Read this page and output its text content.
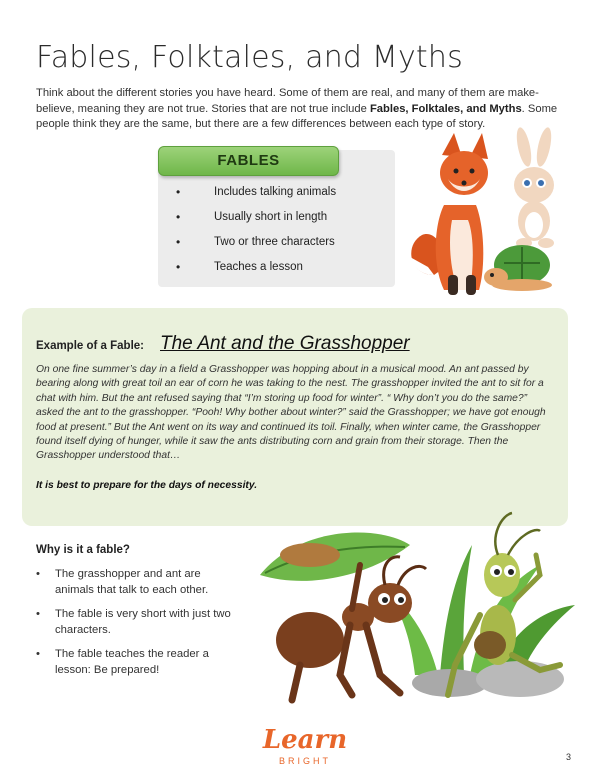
Fables, Folktales, and Myths

Think about the different stories you have heard. Some of them are real, and many of them are make-believe, meaning they are not true. Stories that are not true include Fables, Folktales, and Myths. Some people think they are the same, but there are a few differences between each type of story.

FABLES
• Includes talking animals
• Usually short in length
• Two or three characters
• Teaches a lesson
Example of a Fable: The Ant and the Grasshopper

On one fine summer’s day in a field a Grasshopper was hopping about in a musical mood. An ant passed by bearing along with great toil an ear of corn he was taking to the nest. The grasshopper invited the ant to sit for a chat with him. But the ant refused saying that “I’m storing up food for winter”. “ Why don’t you do the same?” asked the ant to the grasshopper. “Pooh! Why bother about winter?” said the Grasshopper; we have got enough food at present.” But the Ant went on its way and continued its toil. Finally, when winter came, the Grasshopper found itself dying of hunger, while it saw the ants distributing corn and grain from their storage. Then the Grasshopper understood that…

It is best to prepare for the days of necessity.

Why is it a fable?
• The grasshopper and ant are animals that talk to each other.
• The fable is very short with just two characters.
• The fable teaches the reader a lesson: Be prepared!
Learn
BRIGHT	3
